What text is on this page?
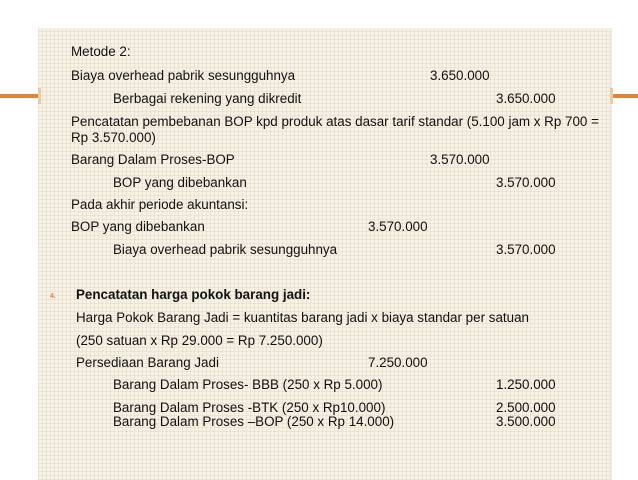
Metode 2:
Biaya overhead pabrik sesungguhnya	3.650.000
Berbagai rekening yang dikredit	3.650.000
Pencatatan pembebanan BOP kpd produk atas dasar tarif standar (5.100 jam x Rp 700 = Rp 3.570.000)
Barang Dalam Proses-BOP	3.570.000
BOP yang dibebankan	3.570.000
Pada akhir periode akuntansi:
BOP yang dibebankan	3.570.000
Biaya overhead pabrik sesungguhnya	3.570.000
4. Pencatatan harga pokok barang jadi:
Harga Pokok Barang Jadi = kuantitas barang jadi x biaya standar per satuan
(250 satuan x Rp 29.000 = Rp 7.250.000)
Persediaan Barang Jadi	7.250.000
Barang Dalam Proses- BBB (250 x Rp 5.000)	1.250.000
Barang Dalam Proses -BTK (250 x Rp10.000)	2.500.000
Barang Dalam Proses –BOP (250 x Rp 14.000)	3.500.000
